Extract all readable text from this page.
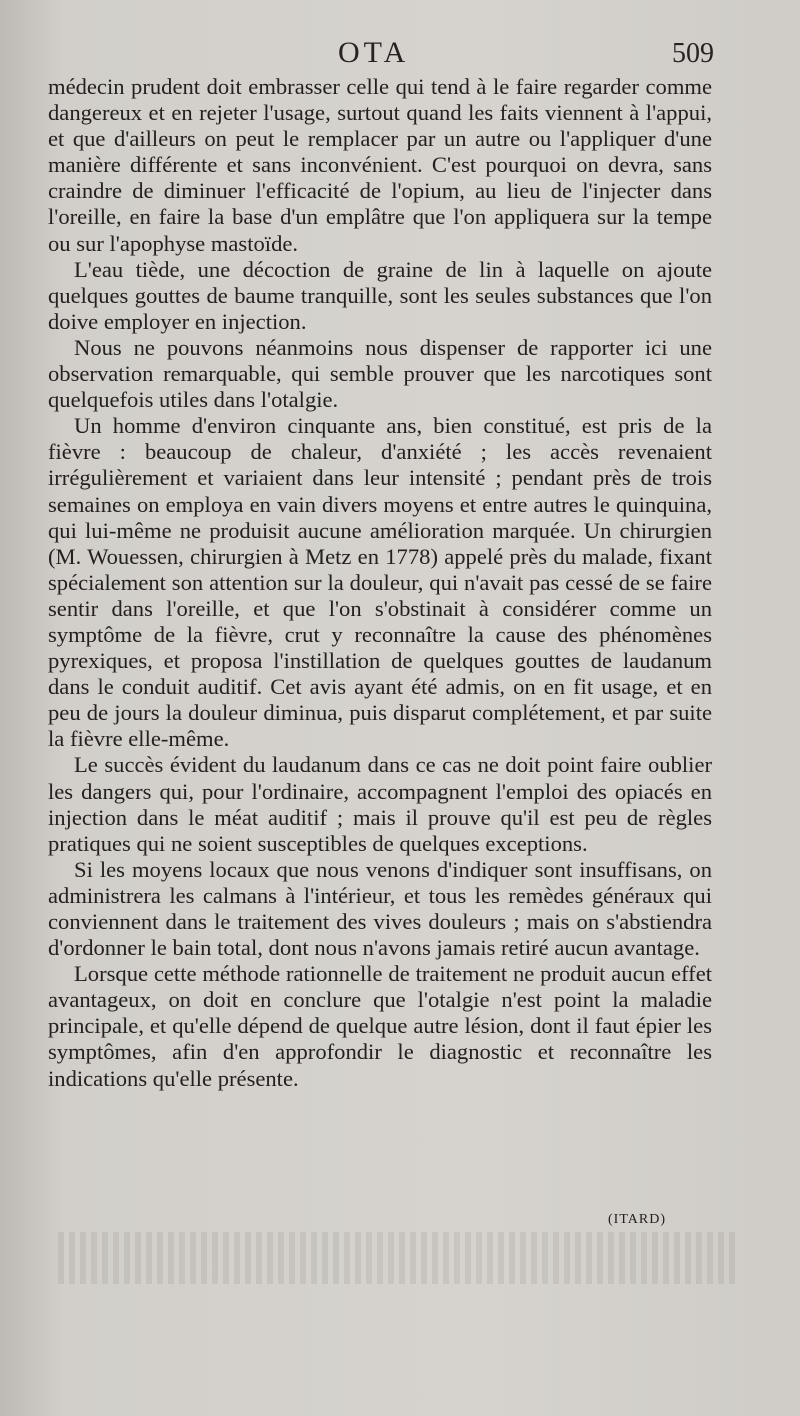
OTA	509

médecin prudent doit embrasser celle qui tend à le faire regarder comme dangereux et en rejeter l'usage, surtout quand les faits viennent à l'appui, et que d'ailleurs on peut le remplacer par un autre ou l'appliquer d'une manière différente et sans inconvénient. C'est pourquoi on devra, sans craindre de diminuer l'efficacité de l'opium, au lieu de l'injecter dans l'oreille, en faire la base d'un emplâtre que l'on appliquera sur la tempe ou sur l'apophyse mastoïde.

L'eau tiède, une décoction de graine de lin à laquelle on ajoute quelques gouttes de baume tranquille, sont les seules substances que l'on doive employer en injection.

Nous ne pouvons néanmoins nous dispenser de rapporter ici une observation remarquable, qui semble prouver que les narcotiques sont quelquefois utiles dans l'otalgie.

Un homme d'environ cinquante ans, bien constitué, est pris de la fièvre : beaucoup de chaleur, d'anxiété ; les accès revenaient irrégulièrement et variaient dans leur intensité ; pendant près de trois semaines on employa en vain divers moyens et entre autres le quinquina, qui lui-même ne produisit aucune amélioration marquée. Un chirurgien (M. Wouessen, chirurgien à Metz en 1778) appelé près du malade, fixant spécialement son attention sur la douleur, qui n'avait pas cessé de se faire sentir dans l'oreille, et que l'on s'obstinait à considérer comme un symptôme de la fièvre, crut y reconnaître la cause des phénomènes pyrexiques, et proposa l'instillation de quelques gouttes de laudanum dans le conduit auditif. Cet avis ayant été admis, on en fit usage, et en peu de jours la douleur diminua, puis disparut complétement, et par suite la fièvre elle-même.

Le succès évident du laudanum dans ce cas ne doit point faire oublier les dangers qui, pour l'ordinaire, accompagnent l'emploi des opiacés en injection dans le méat auditif ; mais il prouve qu'il est peu de règles pratiques qui ne soient susceptibles de quelques exceptions.

Si les moyens locaux que nous venons d'indiquer sont insuffisans, on administrera les calmans à l'intérieur, et tous les remèdes généraux qui conviennent dans le traitement des vives douleurs ; mais on s'abstiendra d'ordonner le bain total, dont nous n'avons jamais retiré aucun avantage.

Lorsque cette méthode rationnelle de traitement ne produit aucun effet avantageux, on doit en conclure que l'otalgie n'est point la maladie principale, et qu'elle dépend de quelque autre lésion, dont il faut épier les symptômes, afin d'en approfondir le diagnostic et reconnaître les indications qu'elle présente.

(ITARD)
